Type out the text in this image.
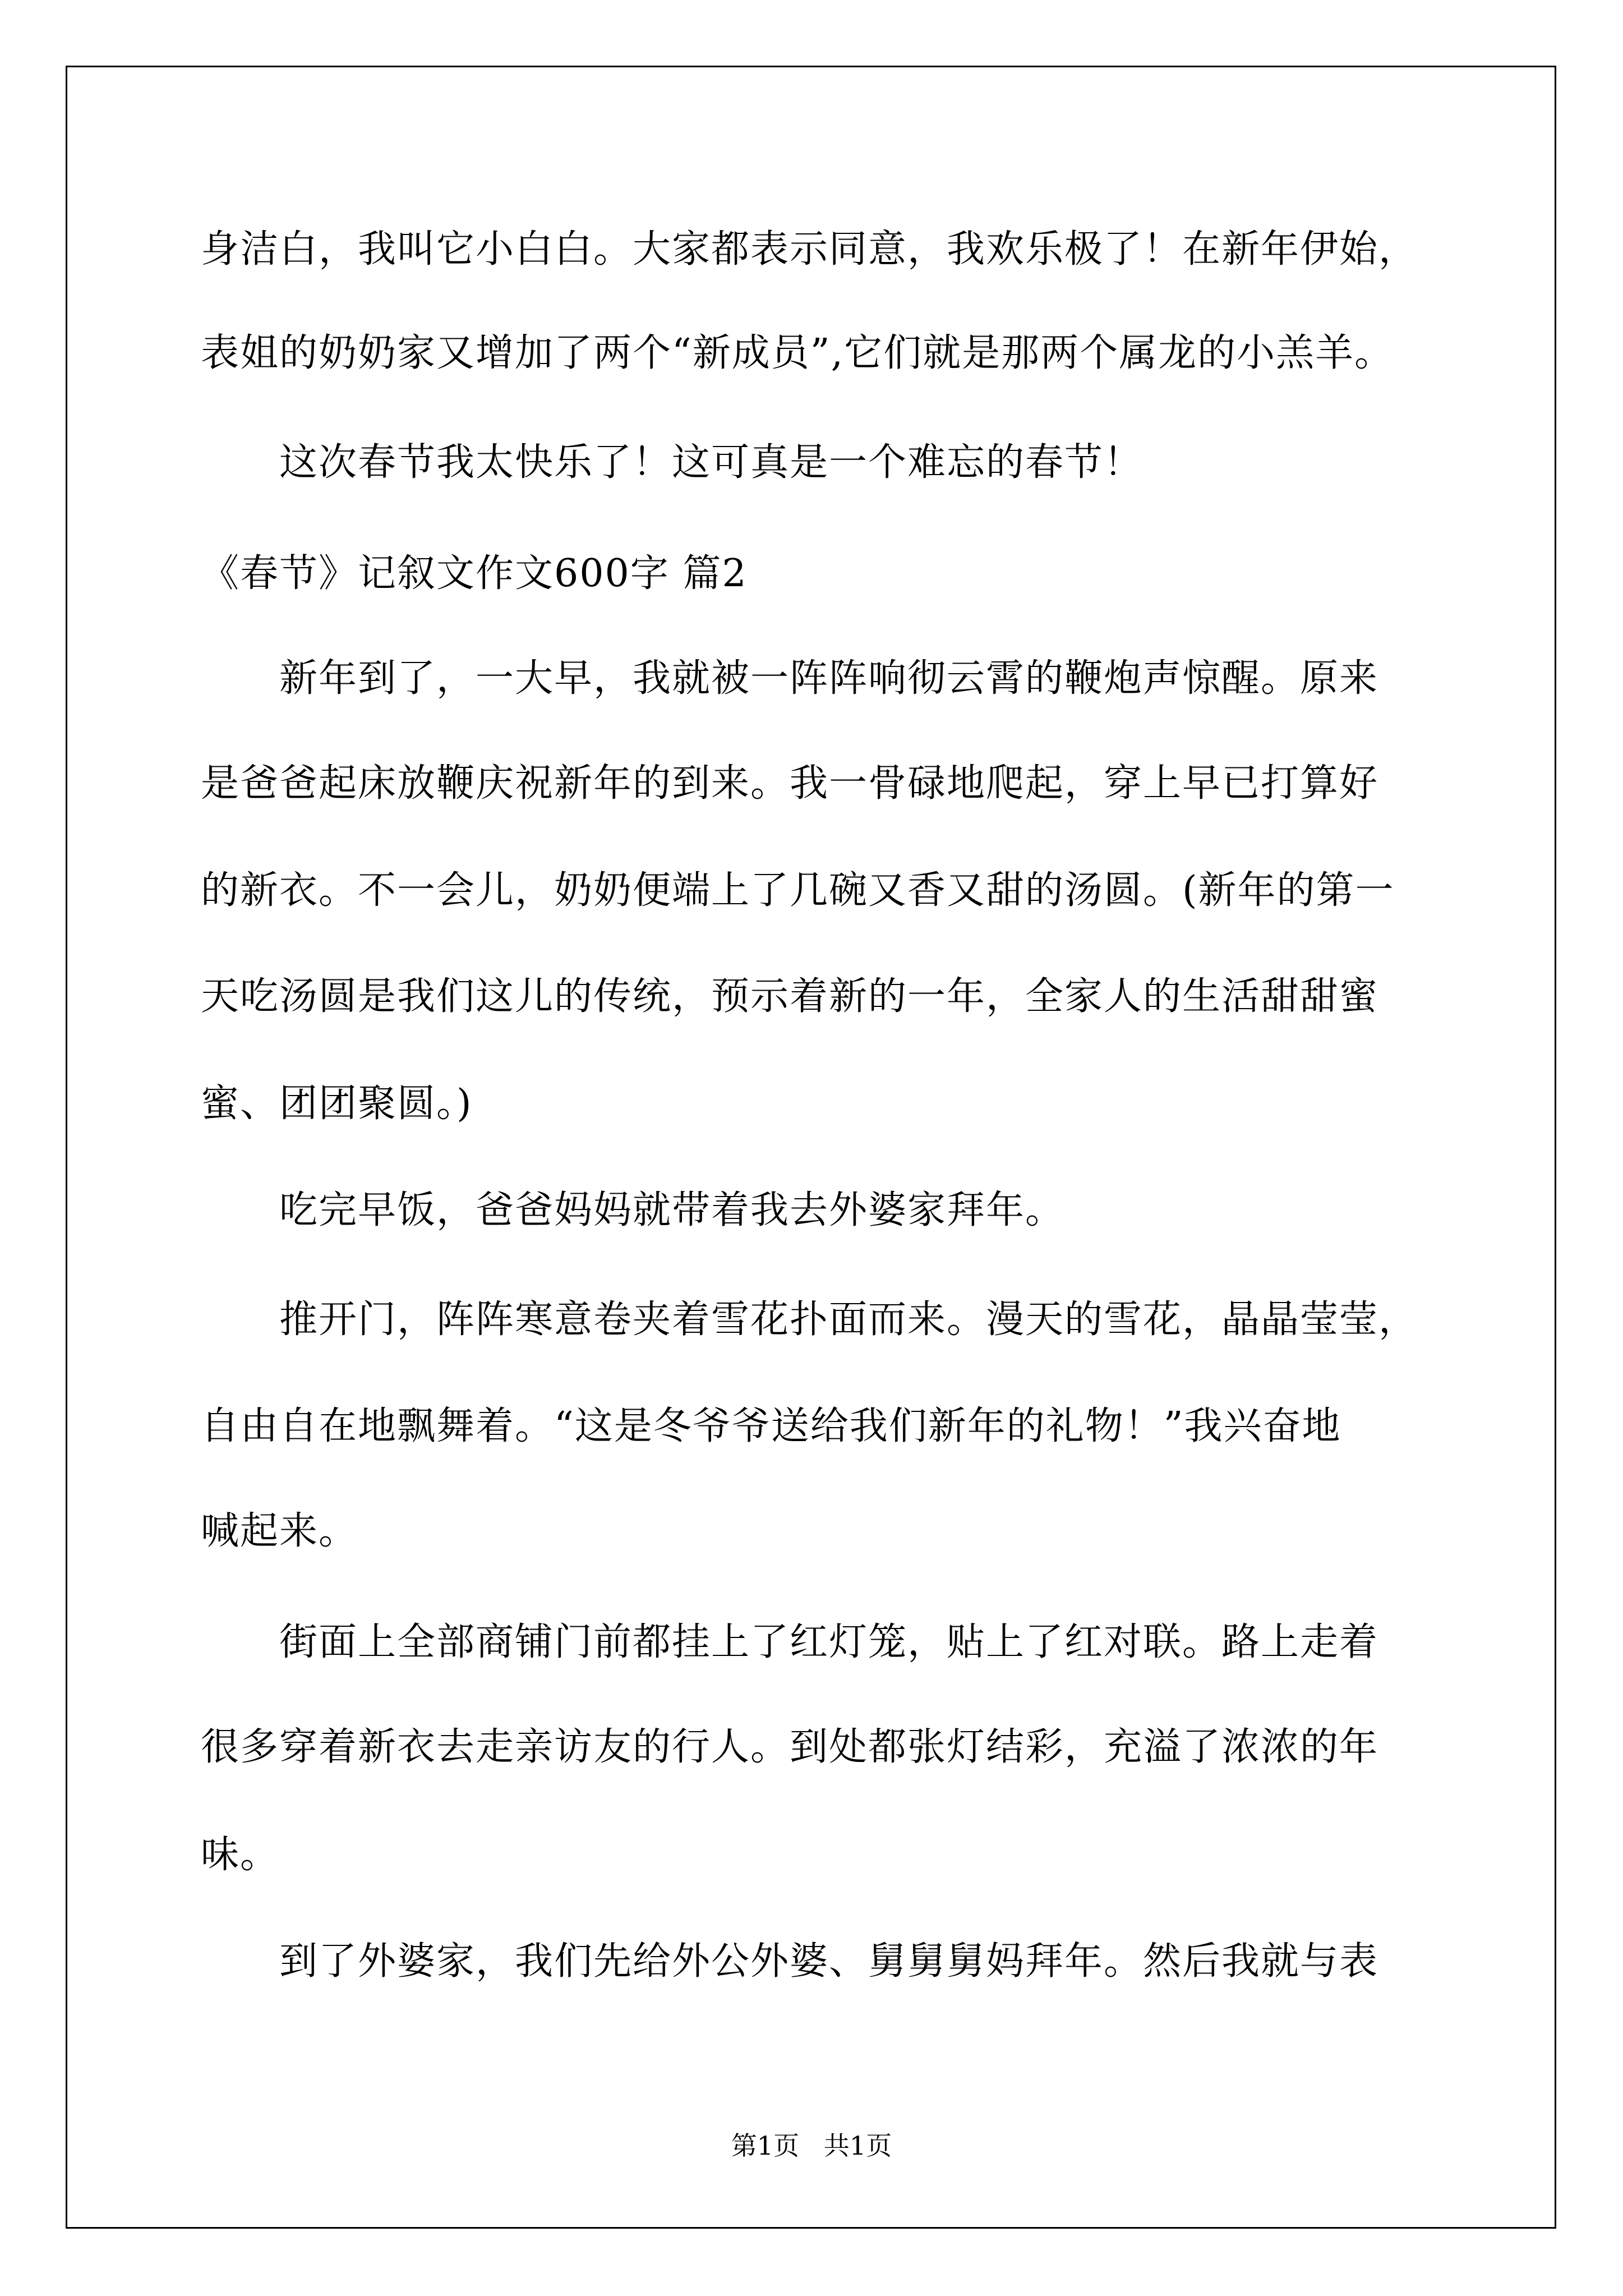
身洁白，我叫它小白白。大家都表示同意，我欢乐极了！在新年伊始，
表姐的奶奶家又增加了两个“新成员”,它们就是那两个属龙的小羔羊。
　　这次春节我太快乐了！这可真是一个难忘的春节！
《春节》记叙文作文600字 篇2
　　新年到了，一大早，我就被一阵阵响彻云霄的鞭炮声惊醒。原来
是爸爸起床放鞭庆祝新年的到来。我一骨碌地爬起，穿上早已打算好
的新衣。不一会儿，奶奶便端上了几碗又香又甜的汤圆。(新年的第一
天吃汤圆是我们这儿的传统，预示着新的一年，全家人的生活甜甜蜜
蜜、团团聚圆。)
　　吃完早饭，爸爸妈妈就带着我去外婆家拜年。
　　推开门，阵阵寒意卷夹着雪花扑面而来。漫天的雪花，晶晶莹莹，
自由自在地飘舞着。“这是冬爷爷送给我们新年的礼物！”我兴奋地
喊起来。
　　街面上全部商铺门前都挂上了红灯笼，贴上了红对联。路上走着
很多穿着新衣去走亲访友的行人。到处都张灯结彩，充溢了浓浓的年
味。
　　到了外婆家，我们先给外公外婆、舅舅舅妈拜年。然后我就与表
第1页   共1页
